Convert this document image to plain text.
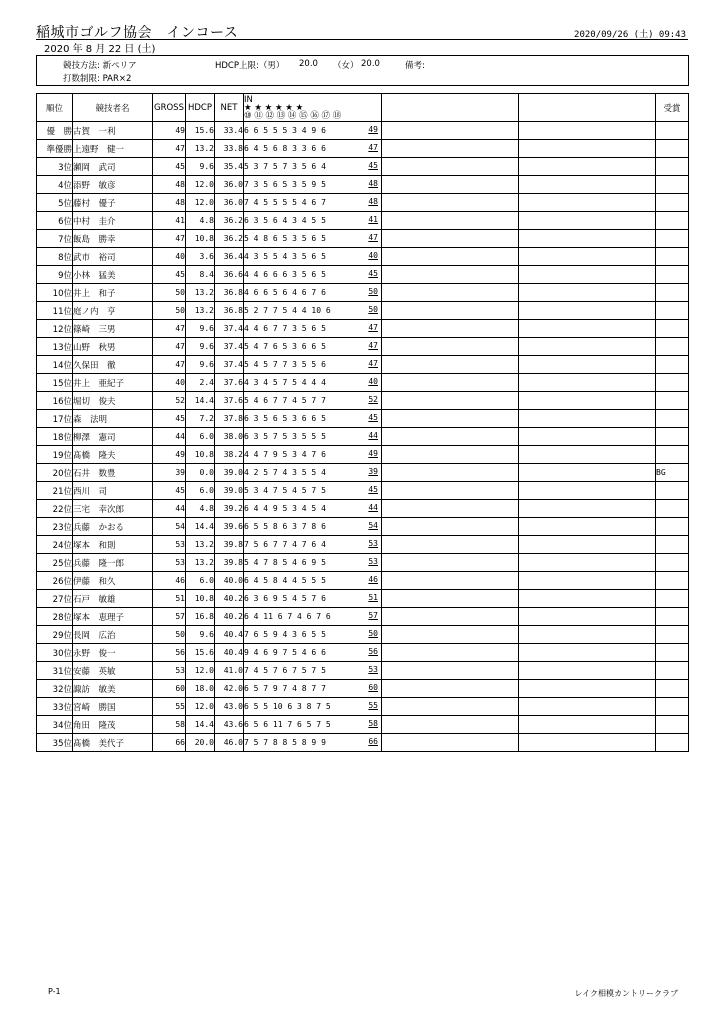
稲城市ゴルフ協会　インコース	2020/09/26 (土) 09:43
2020 年 8 月 22 日 (土)
競技方法: 新ペリア	HDCP上限:（男） 20.0 （女） 20.0	備考:
打数制限: PAR×2
順位	競技者名	GROSS	HDCP	NET	IN
★ ★ ★ ★ ★ ★
⑩ ⑪ ⑫ ⑬ ⑭ ⑮ ⑯ ⑰ ⑱			受賞
優　勝	古賀　一利	49	15.6	33.4	6 6 5 5 5 3 4 9 6 49			

準優勝	上遠野　健一	47	13.2	33.8	6 4 5 6 8 3 3 6 6 47			

3位	瀬岡　武司	45	9.6	35.4	5 3 7 5 7 3 5 6 4 45			

4位	添野　敏彦	48	12.0	36.0	7 3 5 6 5 3 5 9 5 48			

5位	藤村　優子	48	12.0	36.0	7 4 5 5 5 5 4 6 7 48			

6位	中村　圭介	41	4.8	36.2	6 3 5 6 4 3 4 5 5 41			

7位	飯島　勝幸	47	10.8	36.2	5 4 8 6 5 3 5 6 5 47			

8位	武市　裕司	40	3.6	36.4	4 3 5 5 4 3 5 6 5 40			

9位	小林　猛美	45	8.4	36.6	4 4 6 6 6 3 5 6 5 45			

10位	井上　和子	50	13.2	36.8	4 6 6 5 6 4 6 7 6 50			

11位	庭ノ内　亨	50	13.2	36.8	5 2 7 7 5 4 4 10 6 50			

12位	篠崎　三男	47	9.6	37.4	4 4 6 7 7 3 5 6 5 47			

13位	山野　秋男	47	9.6	37.4	5 4 7 6 5 3 6 6 5 47			

14位	久保田　徹	47	9.6	37.4	5 4 5 7 7 3 5 5 6 47			

15位	井上　亜紀子	40	2.4	37.6	4 3 4 5 7 5 4 4 4 40			

16位	堀切　俊夫	52	14.4	37.6	5 4 6 7 7 4 5 7 7 52			

17位	森　法明	45	7.2	37.8	6 3 5 6 5 3 6 6 5 45			

18位	柳澤　憲司	44	6.0	38.0	6 3 5 7 5 3 5 5 5 44			

19位	髙橋　隆夫	49	10.8	38.2	4 4 7 9 5 3 4 7 6 49			

20位	石井　数豊	39	0.0	39.0	4 2 5 7 4 3 5 5 4 39			BG
21位	西川　司	45	6.0	39.0	5 3 4 7 5 4 5 7 5 45			

22位	三宅　幸次郎	44	4.8	39.2	6 4 4 9 5 3 4 5 4 44			

23位	兵藤　かおる	54	14.4	39.6	6 5 5 8 6 3 7 8 6 54			

24位	塚本　和則	53	13.2	39.8	7 5 6 7 7 4 7 6 4 53			

25位	兵藤　隆一郎	53	13.2	39.8	5 4 7 8 5 4 6 9 5 53			

26位	伊藤　和久	46	6.0	40.0	6 4 5 8 4 4 5 5 5 46			

27位	石戸　敏雄	51	10.8	40.2	6 3 6 9 5 4 5 7 6 51			

28位	塚本　恵理子	57	16.8	40.2	6 4 11 6 7 4 6 7 6 57			

29位	長岡　広治	50	9.6	40.4	7 6 5 9 4 3 6 5 5 50			

30位	永野　俊一	56	15.6	40.4	9 4 6 9 7 5 4 6 6 56			

31位	安藤　英敏	53	12.0	41.0	7 4 5 7 6 7 5 7 5 53			

32位	諏訪　敏美	60	18.0	42.0	6 5 7 9 7 4 8 7 7 60			

33位	宮崎　勝国	55	12.0	43.0	6 5 5 10 6 3 8 7 5 55			

34位	角田　隆茂	58	14.4	43.6	6 5 6 11 7 6 5 7 5 58			

35位	髙橋　美代子	66	20.0	46.0	7 5 7 8 8 5 8 9 9 66			

P-1	レイク相模カントリークラブ
